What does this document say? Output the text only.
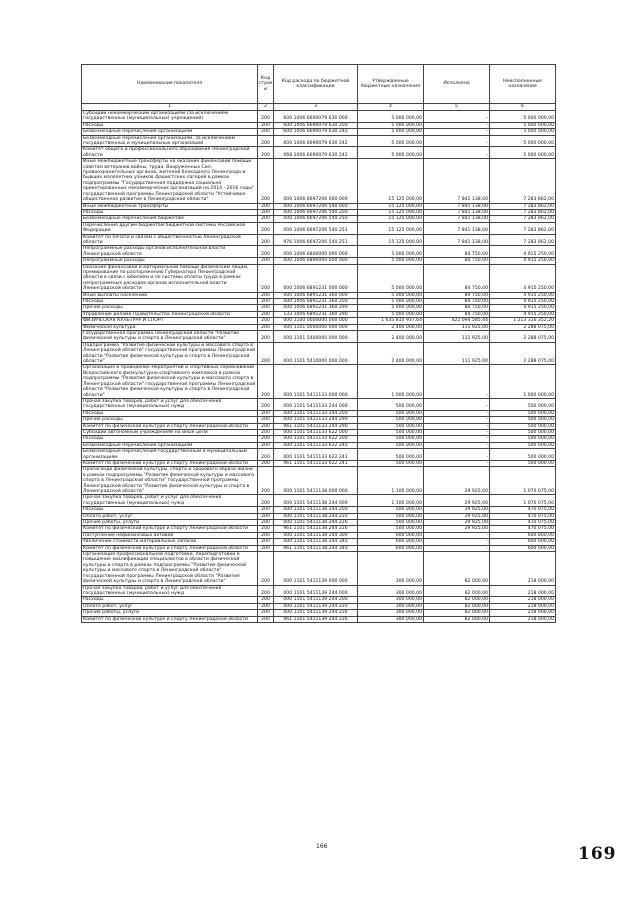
Наименование показателя	Код строк и	Код расхода по бюджетной классификации	Утвержденные бюджетные назначения	Исполнено	Неисполненные назначения
1	2	3	4	5	6
Субсидии некоммерческим организациям (за исключением государственных (муниципальных) учреждений)	200	600 1006 6690079 630 000	5 000 000,00	-	5 000 000,00
Расходы	200	600 1006 6690079 630 200	5 000 000,00	-	5 000 000,00
Безвозмездные перечисления организациям	200	600 1006 6690079 630 240	5 000 000,00	-	5 000 000,00
Безвозмездные перечисления организациям, за исключением государственных и муниципальных организаций	200	600 1006 6690079 630 242	5 000 000,00	-	5 000 000,00
Комитет общего и профессионального образования Ленинградской области	200	068 1006 6690079 630 242	5 000 000,00	-	5 000 000,00
Иные межбюджетные трансферты на оказание финансовой помощи советам ветеранов войны, труда, Вооруженных Сил, правоохранительных органов, жителей блокадного Ленинграда и бывших малолетних узников фашистских лагерей в рамках подпрограммы "Государственная поддержка социально ориентированных некоммерческих организаций на 2014 - 2016 годы" государственной программы Ленинградской области "Устойчивое общественное развитие в Ленинградской области"	200	000 1006 6697206 000 000	15 125 000,00	7 841 138,00	7 283 862,00
Иные межбюджетные трансферты	200	000 1006 6697206 540 000	15 125 000,00	7 841 138,00	7 283 862,00
Расходы	200	000 1006 6697206 540 200	15 125 000,00	7 841 138,00	7 283 862,00
Безвозмездные перечисления бюджетам	200	000 1006 6697206 540 250	15 125 000,00	7 841 138,00	7 283 862,00
Перечисления другим бюджетам бюджетной системы Российской Федерации	200	000 1006 6697206 540 251	15 125 000,00	7 841 138,00	7 283 862,00
Комитет по печати и связям с общественностью Ленинградской области	200	976 1006 6697206 540 251	15 125 000,00	7 841 138,00	7 283 862,00
Непрограммные расходы органов исполнительной власти Ленинградской области	200	000 1006 6800000 000 000	5 000 000,00	84 750,00	4 915 250,00
Непрограммные расходы	200	000 1006 6890000 000 000	5 000 000,00	84 750,00	4 915 250,00
Оказание финансовой и материальной помощи физическим лицам, премирование по распоряжению Губернатора Ленинградской области в связи с юбилеем и по системы оплаты труда в рамках непрограммных расходов органов исполнительной власти Ленинградской области	200	000 1006 6891231 000 000	5 000 000,00	84 750,00	4 915 250,00
Иные выплаты населению	200	000 1006 6891231 360 000	5 000 000,00	84 750,00	4 915 250,00
Расходы	200	000 1006 6891231 360 200	5 000 000,00	84 750,00	4 915 250,00
Прочие расходы	200	000 1006 6891231 360 290	5 000 000,00	84 750,00	4 915 250,00
Управление делами Правительства Ленинградской области	200	133 1006 6891231 360 290	5 000 000,00	84 750,00	4 915 250,00
ФИЗИЧЕСКАЯ КУЛЬТУРА И СПОРТ	200	000 1100 0000000 000 000	1 635 810 937,64	422 094 585,44	1 213 316 352,20
Физическая культура	200	000 1101 0000000 000 000	2 400 000,00	111 925,00	2 288 075,00
Государственная программа Ленинградской области "Развитие физической культуры и спорта в Ленинградской области"	200	000 1101 5400000 000 000	2 400 000,00	111 925,00	2 288 075,00
Подпрограмма "Развитие физической культуры и массового спорта в Ленинградской области" государственной программы Ленинградской области "Развитие физической культуры и спорта в Ленинградской области"	200	000 1101 5410000 000 000	2 400 000,00	111 925,00	2 288 075,00
Организация и проведение мероприятий и спортивных соревнований Всероссийского физкультурно-спортивного комплекса в рамках подпрограммы "Развитие физической культуры и массового спорта в Ленинградской области" государственной программы Ленинградской области "Развитие физической культуры и спорта в Ленинградской области"	200	000 1101 5411133 000 000	1 000 000,00	-	1 000 000,00
Прочая закупка товаров, работ и услуг для обеспечения государственных (муниципальных) нужд	200	000 1101 5411133 244 000	500 000,00	-	500 000,00
Расходы	200	000 1101 5411133 244 200	500 000,00	-	500 000,00
Прочие расходы	200	000 1101 5411133 244 290	500 000,00	-	500 000,00
Комитет по физической культуре и спорту Ленинградской области	200	961 1101 5411133 244 290	500 000,00	-	500 000,00
Субсидии автономным учреждениям на иные цели	200	000 1101 5411133 622 000	500 000,00	-	500 000,00
Расходы	200	000 1101 5411133 622 200	500 000,00	-	500 000,00
Безвозмездные перечисления организациям	200	000 1101 5411133 622 240	500 000,00	-	500 000,00
Безвозмездные перечисления государственным и муниципальным организациям	200	000 1101 5411133 622 241	500 000,00	-	500 000,00
Комитет по физической культуре и спорту Ленинградской области	200	961 1101 5411133 622 241	500 000,00	-	500 000,00
Пропаганда физической культуры, спорта и здорового образа жизни в рамках подпрограммы "Развитие физической культуры и массового спорта в Ленинградской области" государственной программы Ленинградской области "Развитие физической культуры и спорта в Ленинградской области"	200	000 1101 5411138 000 000	1 100 000,00	29 925,00	1 070 075,00
Прочая закупка товаров, работ и услуг для обеспечения государственных (муниципальных) нужд	200	000 1101 5411138 244 000	1 100 000,00	29 925,00	1 070 075,00
Расходы	200	000 1101 5411138 244 200	500 000,00	29 925,00	470 075,00
Оплата работ, услуг	200	000 1101 5411138 244 220	500 000,00	29 925,00	470 075,00
Прочие работы, услуги	200	000 1101 5411138 244 226	500 000,00	29 925,00	470 075,00
Комитет по физической культуре и спорту Ленинградской области	200	961 1101 5411138 244 226	500 000,00	29 925,00	470 075,00
Поступление нефинансовых активов	200	000 1101 5411138 244 300	600 000,00	-	600 000,00
Увеличение стоимости материальных запасов	200	000 1101 5411138 244 340	600 000,00	-	600 000,00
Комитет по физической культуре и спорту Ленинградской области	200	961 1101 5411138 244 340	600 000,00	-	600 000,00
Организация профессиональной подготовки, переподготовки и повышение квалификации специалистов в области физической культуры и спорта в рамках подпрограммы "Развитие физической культуры и массового спорта в Ленинградской области" государственной программы Ленинградской области "Развитие физической культуры и спорта в Ленинградской области"	200	000 1101 5411139 000 000	300 000,00	82 000,00	218 000,00
Прочая закупка товаров, работ и услуг для обеспечения государственных (муниципальных) нужд	200	000 1101 5411139 244 000	300 000,00	82 000,00	218 000,00
Расходы	200	000 1101 5411139 244 200	300 000,00	82 000,00	218 000,00
Оплата работ, услуг	200	000 1101 5411139 244 220	300 000,00	82 000,00	218 000,00
Прочие работы, услуги	200	000 1101 5411139 244 226	300 000,00	82 000,00	218 000,00
Комитет по физической культуре и спорту Ленинградской области	200	961 1101 5411139 244 226	300 000,00	82 000,00	218 000,00
166	169
